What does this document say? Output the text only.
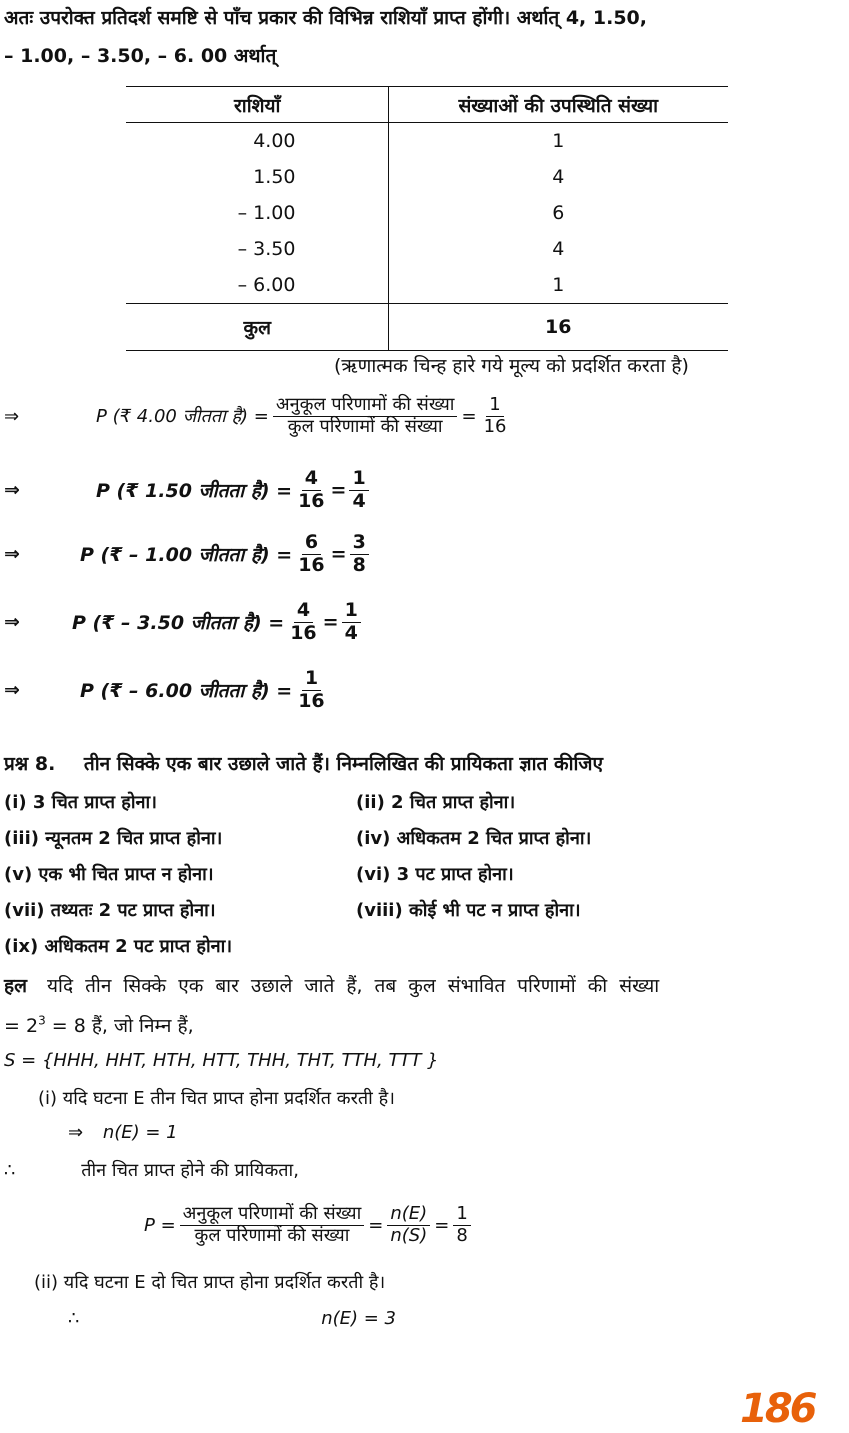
अतः उपरोक्त प्रतिदर्श समष्टि से पाँच प्रकार की विभिन्न राशियाँ प्राप्त होंगी। अर्थात् 4, 1.50,
– 1.00, – 3.50, – 6. 00 अर्थात्
राशियाँ	संख्याओं की उपस्थिति संख्या
4.00	1
1.50	4
– 1.00	6
– 3.50	4
– 6.00	1
कुल	16
(ऋणात्मक चिन्ह हारे गये मूल्य को प्रदर्शित करता है)
⇒	P (₹ 4.00 जीतता है) = $\frac{\text{अनुकूल परिणामों की संख्या}}{\text{कुल परिणामों की संख्या}} = \frac{1}{16}$
⇒	P (₹ 1.50 जीतता है) = $\frac{4}{16} = \frac{1}{4}$
⇒	P (₹ – 1.00 जीतता है) = $\frac{6}{16} = \frac{3}{8}$
⇒	P (₹ – 3.50 जीतता है) = $\frac{4}{16} = \frac{1}{4}$
⇒	P (₹ – 6.00 जीतता है) = $\frac{1}{16}$
प्रश्न 8. तीन सिक्के एक बार उछाले जाते हैं। निम्नलिखित की प्रायिकता ज्ञात कीजिए
(i) 3 चित प्राप्त होना।	(ii) 2 चित प्राप्त होना।
(iii) न्यूनतम 2 चित प्राप्त होना।	(iv) अधिकतम 2 चित प्राप्त होना।
(v) एक भी चित प्राप्त न होना।	(vi) 3 पट प्राप्त होना।
(vii) तथ्यतः 2 पट प्राप्त होना।	(viii) कोई भी पट न प्राप्त होना।
(ix) अधिकतम 2 पट प्राप्त होना।
हल यदि तीन सिक्के एक बार उछाले जाते हैं, तब कुल संभावित परिणामों की संख्या
= $2^3 = 8$ हैं, जो निम्न हैं,
S = {HHH, HHT, HTH, HTT, THH, THT, TTH, TTT }
(i) यदि घटना E तीन चित प्राप्त होना प्रदर्शित करती है।
⇒ n(E) = 1
∴	तीन चित प्राप्त होने की प्रायिकता,
$P = \frac{\text{अनुकूल परिणामों की संख्या}}{\text{कुल परिणामों की संख्या}} = \frac{n(E)}{n(S)} = \frac{1}{8}$
(ii) यदि घटना E दो चित प्राप्त होना प्रदर्शित करती है।
∴	n(E) = 3
186
